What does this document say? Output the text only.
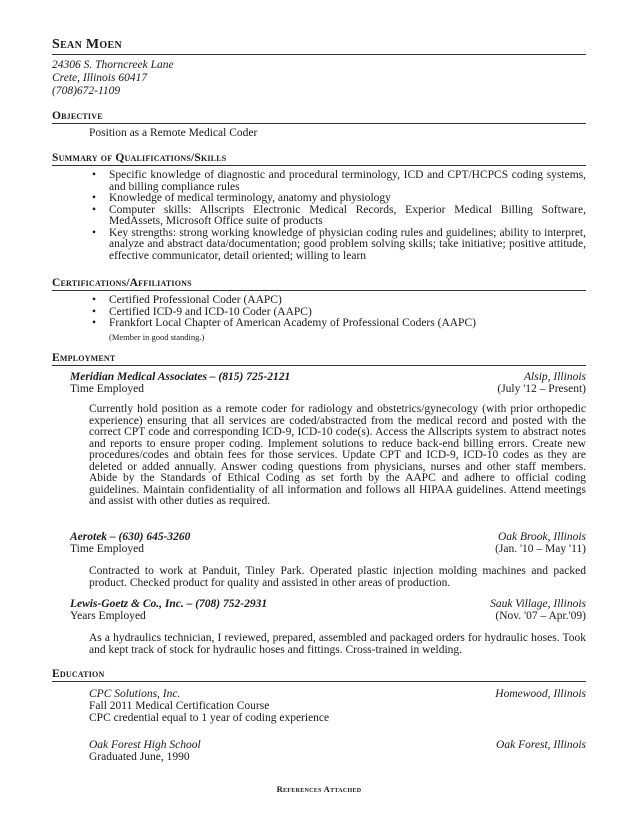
Sean Moen
24306 S. Thorncreek Lane
Crete, Illinois 60417
(708)672-1109
Objective
Position as a Remote Medical Coder
Summary of Qualifications/Skills
• Specific knowledge of diagnostic and procedural terminology, ICD and CPT/HCPCS coding systems, and billing compliance rules
• Knowledge of medical terminology, anatomy and physiology
• Computer skills: Allscripts Electronic Medical Records, Experior Medical Billing Software, MedAssets, Microsoft Office suite of products
• Key strengths: strong working knowledge of physician coding rules and guidelines; ability to interpret, analyze and abstract data/documentation; good problem solving skills; take initiative; positive attitude, effective communicator, detail oriented; willing to learn
Certifications/Affiliations
• Certified Professional Coder (AAPC)
• Certified ICD-9 and ICD-10 Coder (AAPC)
• Frankfort Local Chapter of American Academy of Professional Coders (AAPC)
(Member in good standing.)
Employment
Meridian Medical Associates – (815) 725-2121	Alsip, Illinois
Time Employed	(July '12 – Present)
Currently hold position as a remote coder for radiology and obstetrics/gynecology (with prior orthopedic experience) ensuring that all services are coded/abstracted from the medical record and posted with the correct CPT code and corresponding ICD-9, ICD-10 code(s). Access the Allscripts system to abstract notes and reports to ensure proper coding. Implement solutions to reduce back-end billing errors. Create new procedures/codes and obtain fees for those services. Update CPT and ICD-9, ICD-10 codes as they are deleted or added annually. Answer coding questions from physicians, nurses and other staff members. Abide by the Standards of Ethical Coding as set forth by the AAPC and adhere to official coding guidelines. Maintain confidentiality of all information and follows all HIPAA guidelines. Attend meetings and assist with other duties as required.
Aerotek – (630) 645-3260	Oak Brook, Illinois
Time Employed	(Jan. '10 – May '11)
Contracted to work at Panduit, Tinley Park. Operated plastic injection molding machines and packed product. Checked product for quality and assisted in other areas of production.
Lewis-Goetz & Co., Inc. – (708) 752-2931	Sauk Village, Illinois
Years Employed	(Nov. '07 – Apr.'09)
As a hydraulics technician, I reviewed, prepared, assembled and packaged orders for hydraulic hoses. Took and kept track of stock for hydraulic hoses and fittings. Cross-trained in welding.
Education
CPC Solutions, Inc.	Homewood, Illinois
Fall 2011 Medical Certification Course
CPC credential equal to 1 year of coding experience
Oak Forest High School	Oak Forest, Illinois
Graduated June, 1990
References Attached
